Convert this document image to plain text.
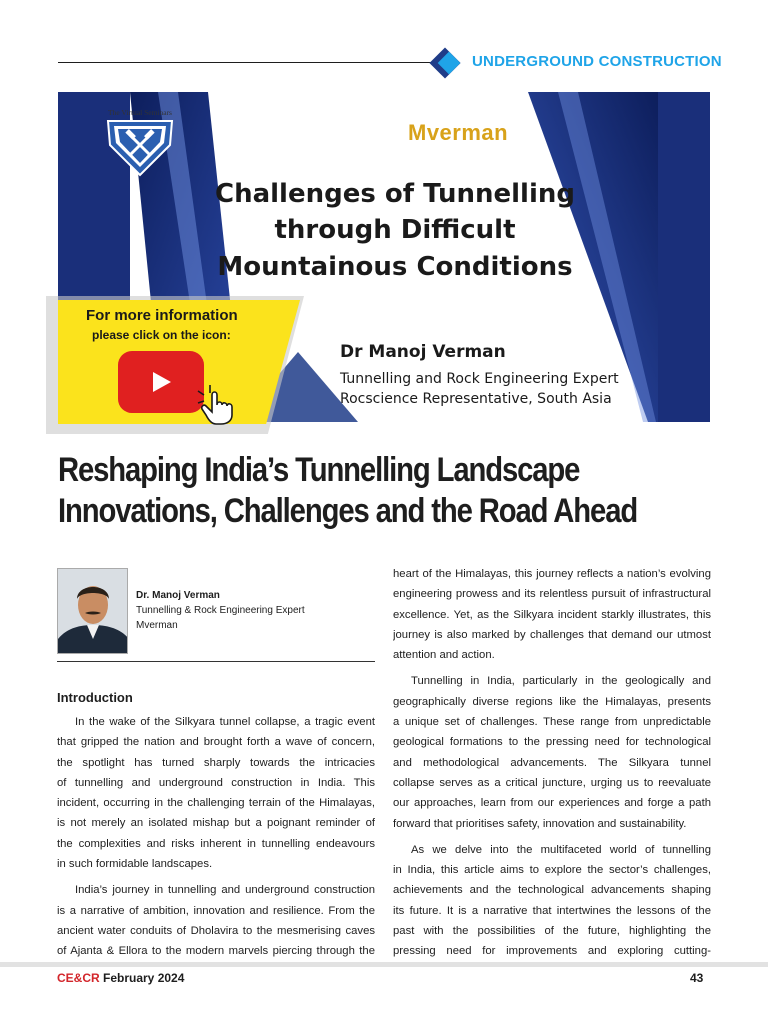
UNDERGROUND CONSTRUCTION
The Virtual Seminars
Mverman
Challenges of Tunnelling
through Difficult
Mountainous Conditions
Dr Manoj Verman
Tunnelling and Rock Engineering Expert
Rocscience Representative, South Asia
For more information
please click on the icon:
Reshaping India’s Tunnelling Landscape
Innovations, Challenges and the Road Ahead
Dr. Manoj Verman
Tunnelling & Rock Engineering Expert
Mverman
Introduction
In the wake of the Silkyara tunnel collapse, a tragic event
that gripped the nation and brought forth a wave of concern,
the spotlight has turned sharply towards the intricacies
of tunnelling and underground construction in India. This
incident, occurring in the challenging terrain of the Himalayas,
is not merely an isolated mishap but a poignant reminder of
the complexities and risks inherent in tunnelling endeavours
in such formidable landscapes.
India’s journey in tunnelling and underground construction
is a narrative of ambition, innovation and resilience. From the
ancient water conduits of Dholavira to the mesmerising caves
of Ajanta & Ellora to the modern marvels piercing through the
heart of the Himalayas, this journey reflects a nation’s evolving
engineering prowess and its relentless pursuit of infrastructural
excellence. Yet, as the Silkyara incident starkly illustrates, this
journey is also marked by challenges that demand our utmost
attention and action.
Tunnelling in India, particularly in the geologically and
geographically diverse regions like the Himalayas, presents
a unique set of challenges. These range from unpredictable
geological formations to the pressing need for technological
and methodological advancements. The Silkyara tunnel
collapse serves as a critical juncture, urging us to reevaluate
our approaches, learn from our experiences and forge a path
forward that prioritises safety, innovation and sustainability.
As we delve into the multifaceted world of tunnelling
in India, this article aims to explore the sector’s challenges,
achievements and the technological advancements shaping
its future. It is a narrative that intertwines the lessons of the
past with the possibilities of the future, highlighting the
pressing need for improvements and exploring cutting-
CE&CR February 2024	43
